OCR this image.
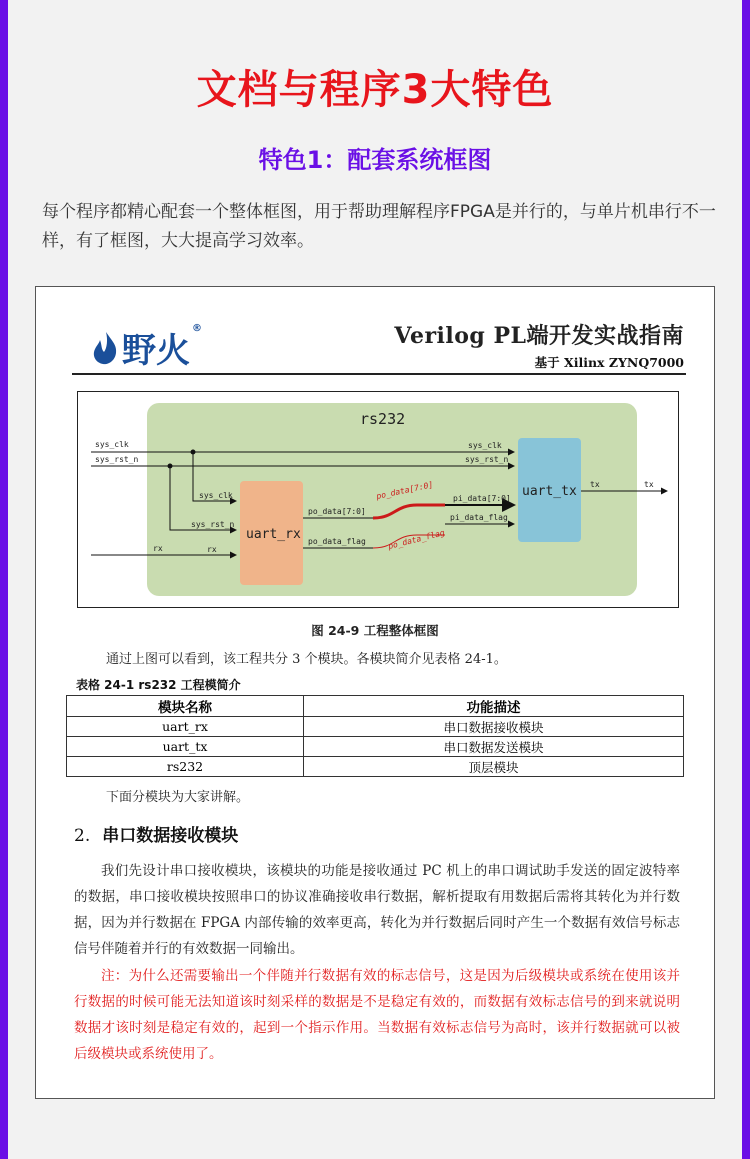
文档与程序3大特色
特色1：配套系统框图
每个程序都精心配套一个整体框图，用于帮助理解程序FPGA是并行的，与单片机串行不一样，有了框图，大大提高学习效率。
野火®	Verilog PL端开发实战指南
基于 Xilinx ZYNQ7000
rs232
uart_rx
uart_tx
sys_clk
sys_rst_n
rx
sys_clk
sys_rst_n
rx
po_data[7:0]
po_data_flag
sys_clk
sys_rst_n
pi_data[7:0]
pi_data_flag
tx	tx
po_data[7:0]
po_data_flag
图 24-9 工程整体框图
通过上图可以看到，该工程共分 3 个模块。各模块简介见表格 24-1。
表格 24-1 rs232 工程模简介
模块名称	功能描述
uart_rx	串口数据接收模块
uart_tx	串口数据发送模块
rs232	顶层模块
下面分模块为大家讲解。
2. 串口数据接收模块

我们先设计串口接收模块，该模块的功能是接收通过 PC 机上的串口调试助手发送的固定波特率的数据，串口接收模块按照串口的协议准确接收串行数据，解析提取有用数据后需将其转化为并行数据，因为并行数据在 FPGA 内部传输的效率更高，转化为并行数据后同时产生一个数据有效信号标志信号伴随着并行的有效数据一同输出。

注：为什么还需要输出一个伴随并行数据有效的标志信号，这是因为后级模块或系统在使用该并行数据的时候可能无法知道该时刻采样的数据是不是稳定有效的，而数据有效标志信号的到来就说明数据才该时刻是稳定有效的，起到一个指示作用。当数据有效标志信号为高时，该并行数据就可以被后级模块或系统使用了。
